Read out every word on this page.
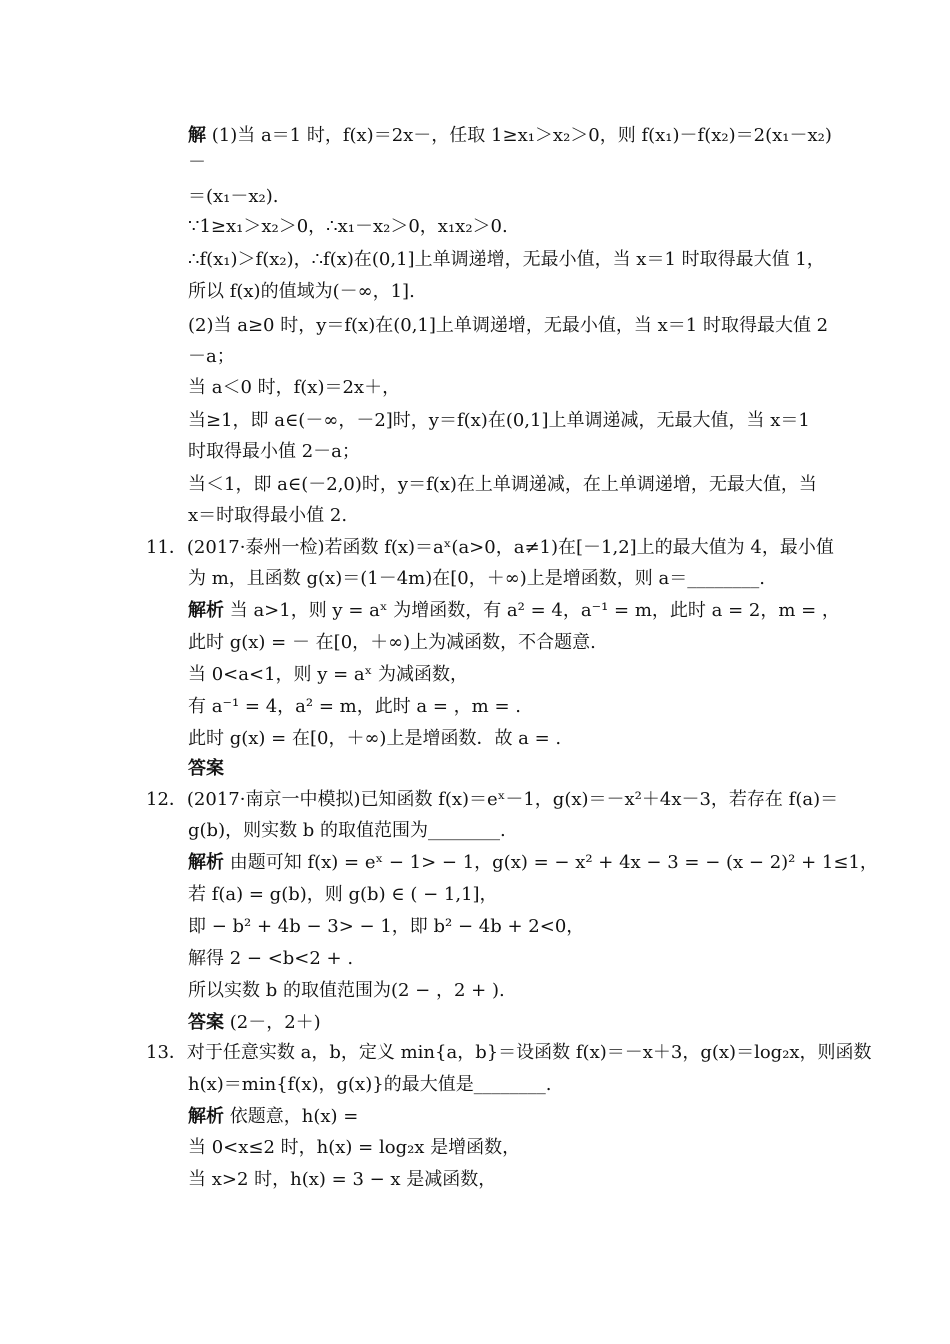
解 (1)当 a＝1 时，f(x)＝2x－，任取 1≥x₁＞x₂＞0，则 f(x₁)－f(x₂)＝2(x₁－x₂)
－
＝(x₁－x₂).
∵1≥x₁＞x₂＞0，∴x₁－x₂＞0，x₁x₂＞0.
∴f(x₁)＞f(x₂)，∴f(x)在(0,1]上单调递增，无最小值，当 x＝1 时取得最大值 1，
所以 f(x)的值域为(－∞，1].
(2)当 a≥0 时，y＝f(x)在(0,1]上单调递增，无最小值，当 x＝1 时取得最大值 2
－a；
当 a＜0 时，f(x)＝2x＋，
当≥1，即 a∈(－∞，－2]时，y＝f(x)在(0,1]上单调递减，无最大值，当 x＝1
时取得最小值 2－a；
当＜1，即 a∈(－2,0)时，y＝f(x)在上单调递减，在上单调递增，无最大值，当
x＝时取得最小值 2.
11．(2017·泰州一检)若函数 f(x)＝aˣ(a>0，a≠1)在[－1,2]上的最大值为 4，最小值
为 m，且函数 g(x)＝(1－4m)在[0，＋∞)上是增函数，则 a＝________.
解析 当 a>1，则 y = aˣ 为增函数，有 a² = 4，a⁻¹ = m，此时 a = 2，m = ，
此时 g(x) = － 在[0，＋∞)上为减函数，不合题意.
当 0<a<1，则 y = aˣ 为减函数，
有 a⁻¹ = 4，a² = m，此时 a = ，m = .
此时 g(x) = 在[0，＋∞)上是增函数．故 a = .
答案
12．(2017·南京一中模拟)已知函数 f(x)＝eˣ－1，g(x)＝－x²＋4x－3，若存在 f(a)＝
g(b)，则实数 b 的取值范围为________.
解析 由题可知 f(x) = eˣ − 1> − 1，g(x) = − x² + 4x − 3 = − (x − 2)² + 1≤1，
若 f(a) = g(b)，则 g(b) ∈ ( − 1,1]，
即 − b² + 4b − 3> − 1，即 b² − 4b + 2<0，
解得 2 − <b<2 + .
所以实数 b 的取值范围为(2 − ，2 + ).
答案 (2－，2＋)
13．对于任意实数 a，b，定义 min{a，b}＝设函数 f(x)＝－x＋3，g(x)＝log₂x，则函数
h(x)＝min{f(x)，g(x)}的最大值是________.
解析 依题意，h(x) =
当 0<x≤2 时，h(x) = log₂x 是增函数，
当 x>2 时，h(x) = 3 − x 是减函数，
